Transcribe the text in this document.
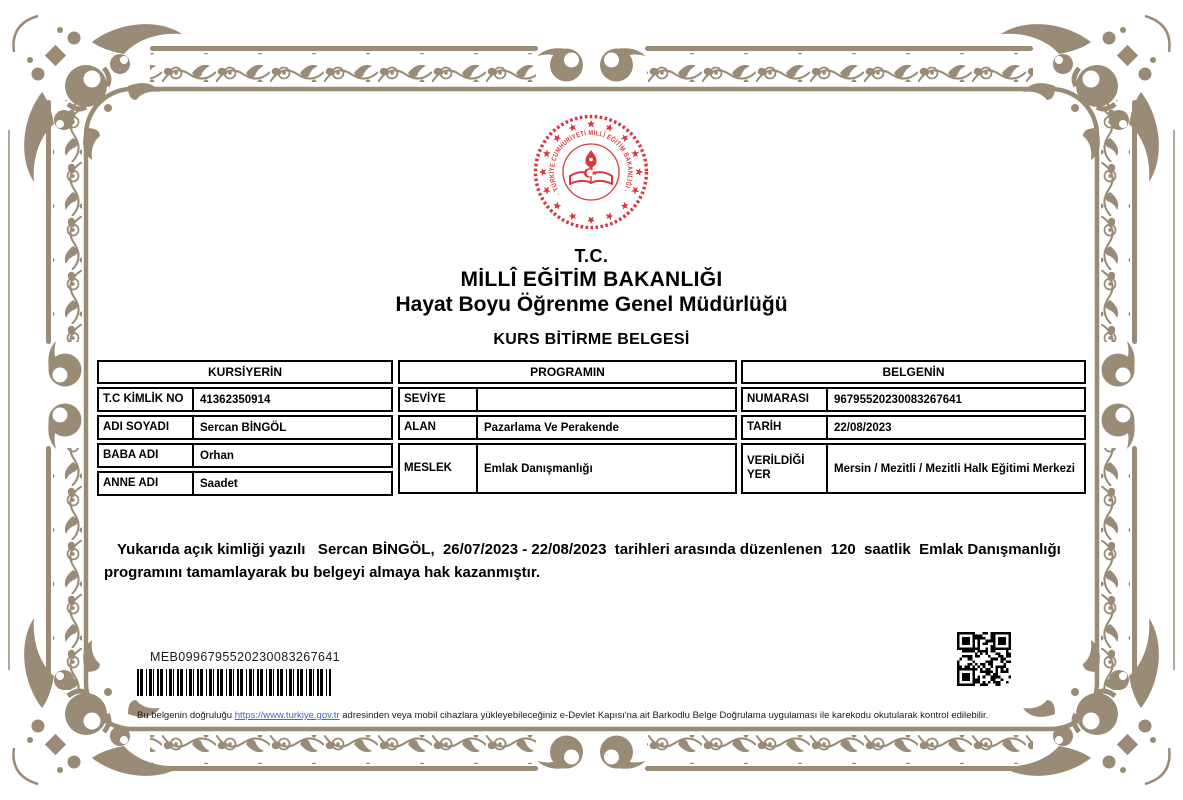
· TÜRKİYE CUMHURİYETİ MİLLÎ EĞİTİM BAKANLIĞI ·
T.C.
MİLLÎ EĞİTİM BAKANLIĞI
Hayat Boyu Öğrenme Genel Müdürlüğü
KURS BİTİRME BELGESİ
KURSİYERİN
T.C KİMLİK NO	41362350914
ADI SOYADI	Sercan BİNGÖL
BABA ADI	Orhan
ANNE ADI	Saadet
PROGRAMIN
SEVİYE
ALAN	Pazarlama Ve Perakende
MESLEK	Emlak Danışmanlığı
BELGENİN
NUMARASI	96795520230083267641
TARİH	22/08/2023
VERİLDİĞİ YER	Mersin / Mezitli / Mezitli Halk Eğitimi Merkezi
Yukarıda açık kimliği yazılı   Sercan BİNGÖL,  26/07/2023 - 22/08/2023  tarihleri arasında düzenlenen  120  saatlik  Emlak Danışmanlığı programını tamamlayarak bu belgeyi almaya hak kazanmıştır.
MEB0996795520230083267641
Bu belgenin doğruluğu https://www.turkiye.gov.tr adresinden veya mobil cihazlara yükleyebileceğiniz e-Devlet Kapısı'na ait Barkodlu Belge Doğrulama uygulaması ile karekodu okutularak kontrol edilebilir.
